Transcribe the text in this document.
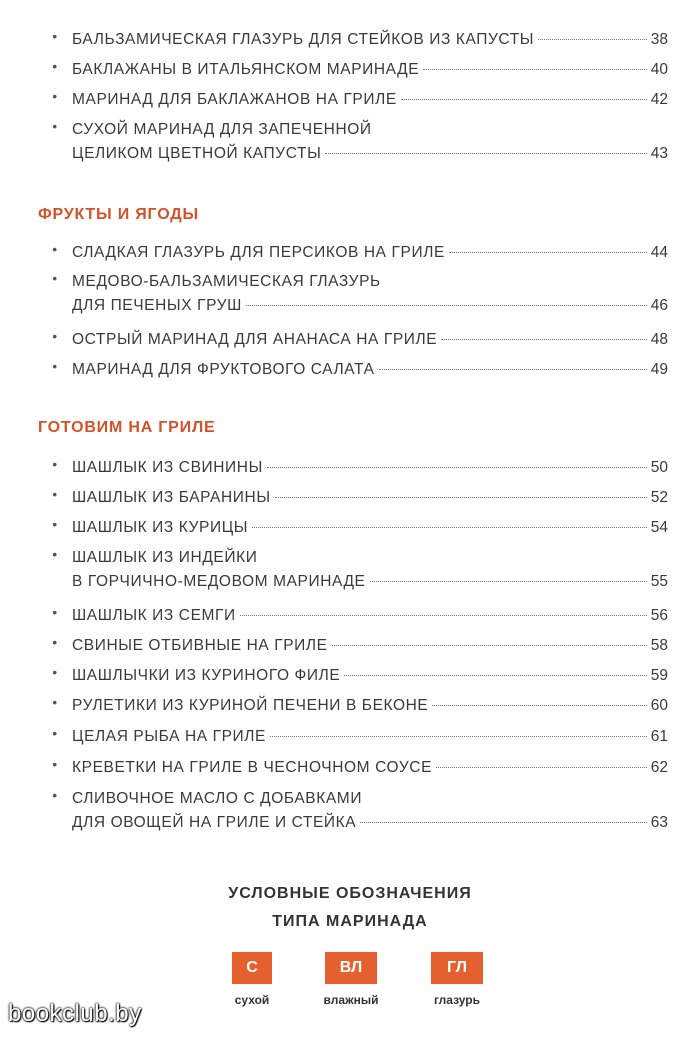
• БАЛЬЗАМИЧЕСКАЯ ГЛАЗУРЬ ДЛЯ СТЕЙКОВ ИЗ КАПУСТЫ	38
• БАКЛАЖАНЫ В ИТАЛЬЯНСКОМ МАРИНАДЕ	40
• МАРИНАД ДЛЯ БАКЛАЖАНОВ НА ГРИЛЕ	42
• СУХОЙ МАРИНАД ДЛЯ ЗАПЕЧЕННОЙ
ЦЕЛИКОМ ЦВЕТНОЙ КАПУСТЫ	43
ФРУКТЫ И ЯГОДЫ
• СЛАДКАЯ ГЛАЗУРЬ ДЛЯ ПЕРСИКОВ НА ГРИЛЕ	44
• МЕДОВО-БАЛЬЗАМИЧЕСКАЯ ГЛАЗУРЬ
ДЛЯ ПЕЧЕНЫХ ГРУШ	46
• ОСТРЫЙ МАРИНАД ДЛЯ АНАНАСА НА ГРИЛЕ	48
• МАРИНАД ДЛЯ ФРУКТОВОГО САЛАТА	49
ГОТОВИМ НА ГРИЛЕ
• ШАШЛЫК ИЗ СВИНИНЫ	50
• ШАШЛЫК ИЗ БАРАНИНЫ	52
• ШАШЛЫК ИЗ КУРИЦЫ	54
• ШАШЛЫК ИЗ ИНДЕЙКИ
В ГОРЧИЧНО-МЕДОВОМ МАРИНАДЕ	55
• ШАШЛЫК ИЗ СЕМГИ	56
• СВИНЫЕ ОТБИВНЫЕ НА ГРИЛЕ	58
• ШАШЛЫЧКИ ИЗ КУРИНОГО ФИЛЕ	59
• РУЛЕТИКИ ИЗ КУРИНОЙ ПЕЧЕНИ В БЕКОНЕ	60
• ЦЕЛАЯ РЫБА НА ГРИЛЕ	61
• КРЕВЕТКИ НА ГРИЛЕ В ЧЕСНОЧНОМ СОУСЕ	62
• СЛИВОЧНОЕ МАСЛО С ДОБАВКАМИ
ДЛЯ ОВОЩЕЙ НА ГРИЛЕ И СТЕЙКА	63
УСЛОВНЫЕ ОБОЗНАЧЕНИЯ
ТИПА МАРИНАДА
С	ВЛ	ГЛ
сухой	влажный	глазурь
bookclub.by
